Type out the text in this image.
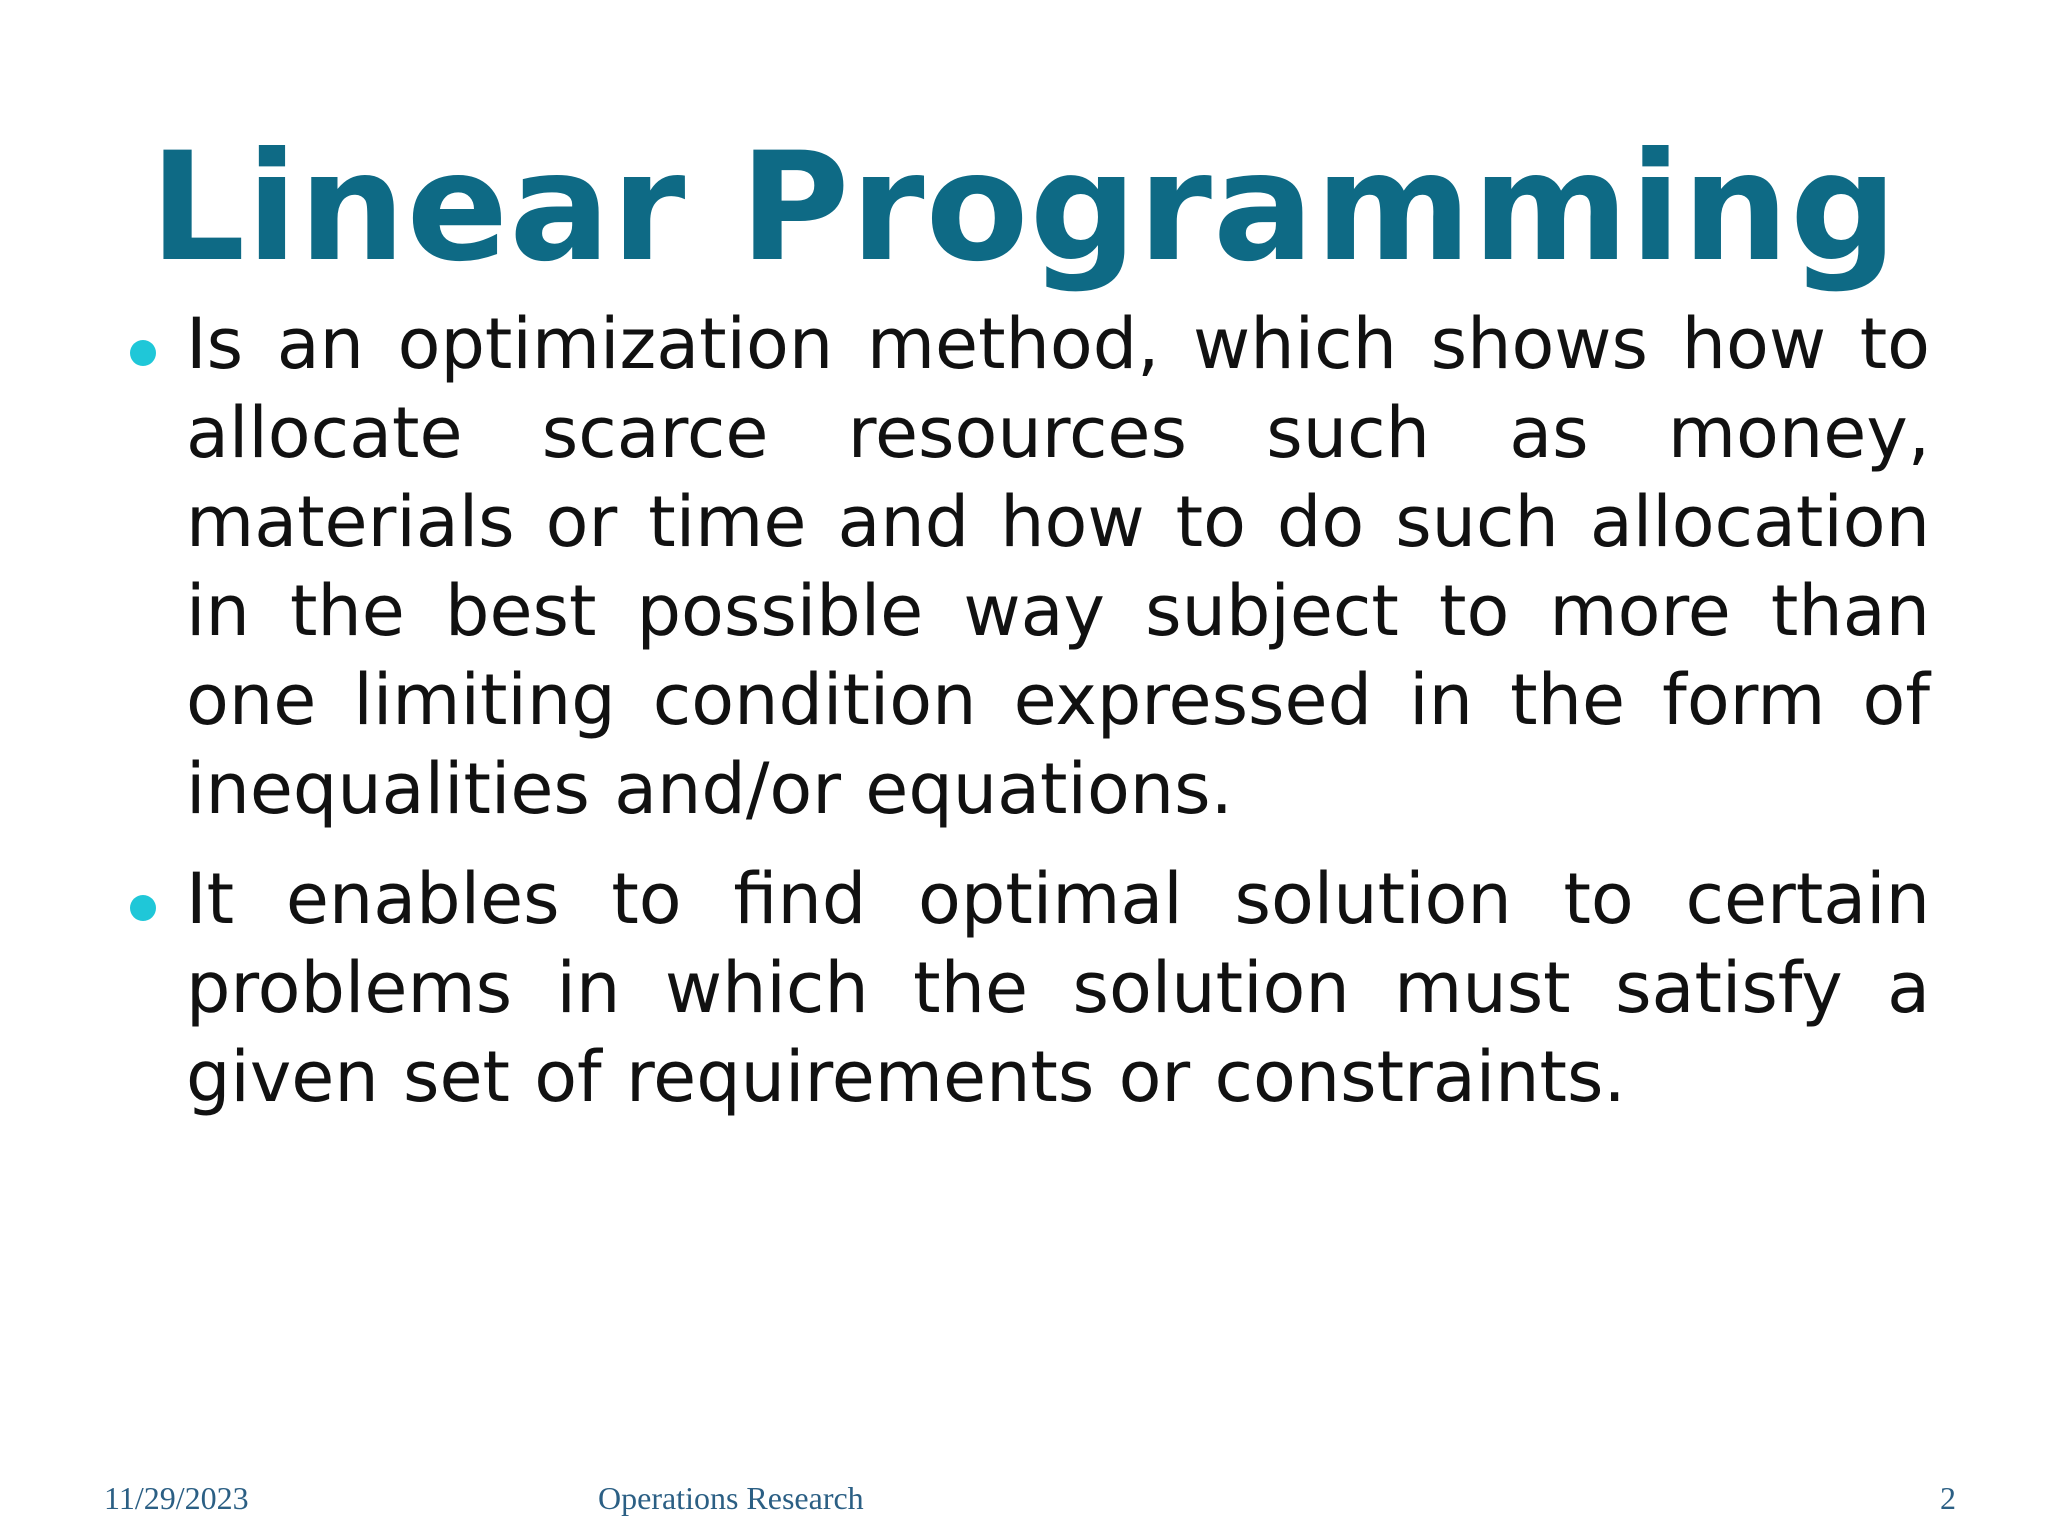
Linear Programming
Is an optimization method, which shows how to allocate scarce resources such as money, materials or time and how to do such allocation in the best possible way subject to more than one limiting condition expressed in the form of inequalities and/or equations.
It enables to find optimal solution to certain problems in which the solution must satisfy a given set of requirements or constraints.
11/29/2023	Operations Research	2
